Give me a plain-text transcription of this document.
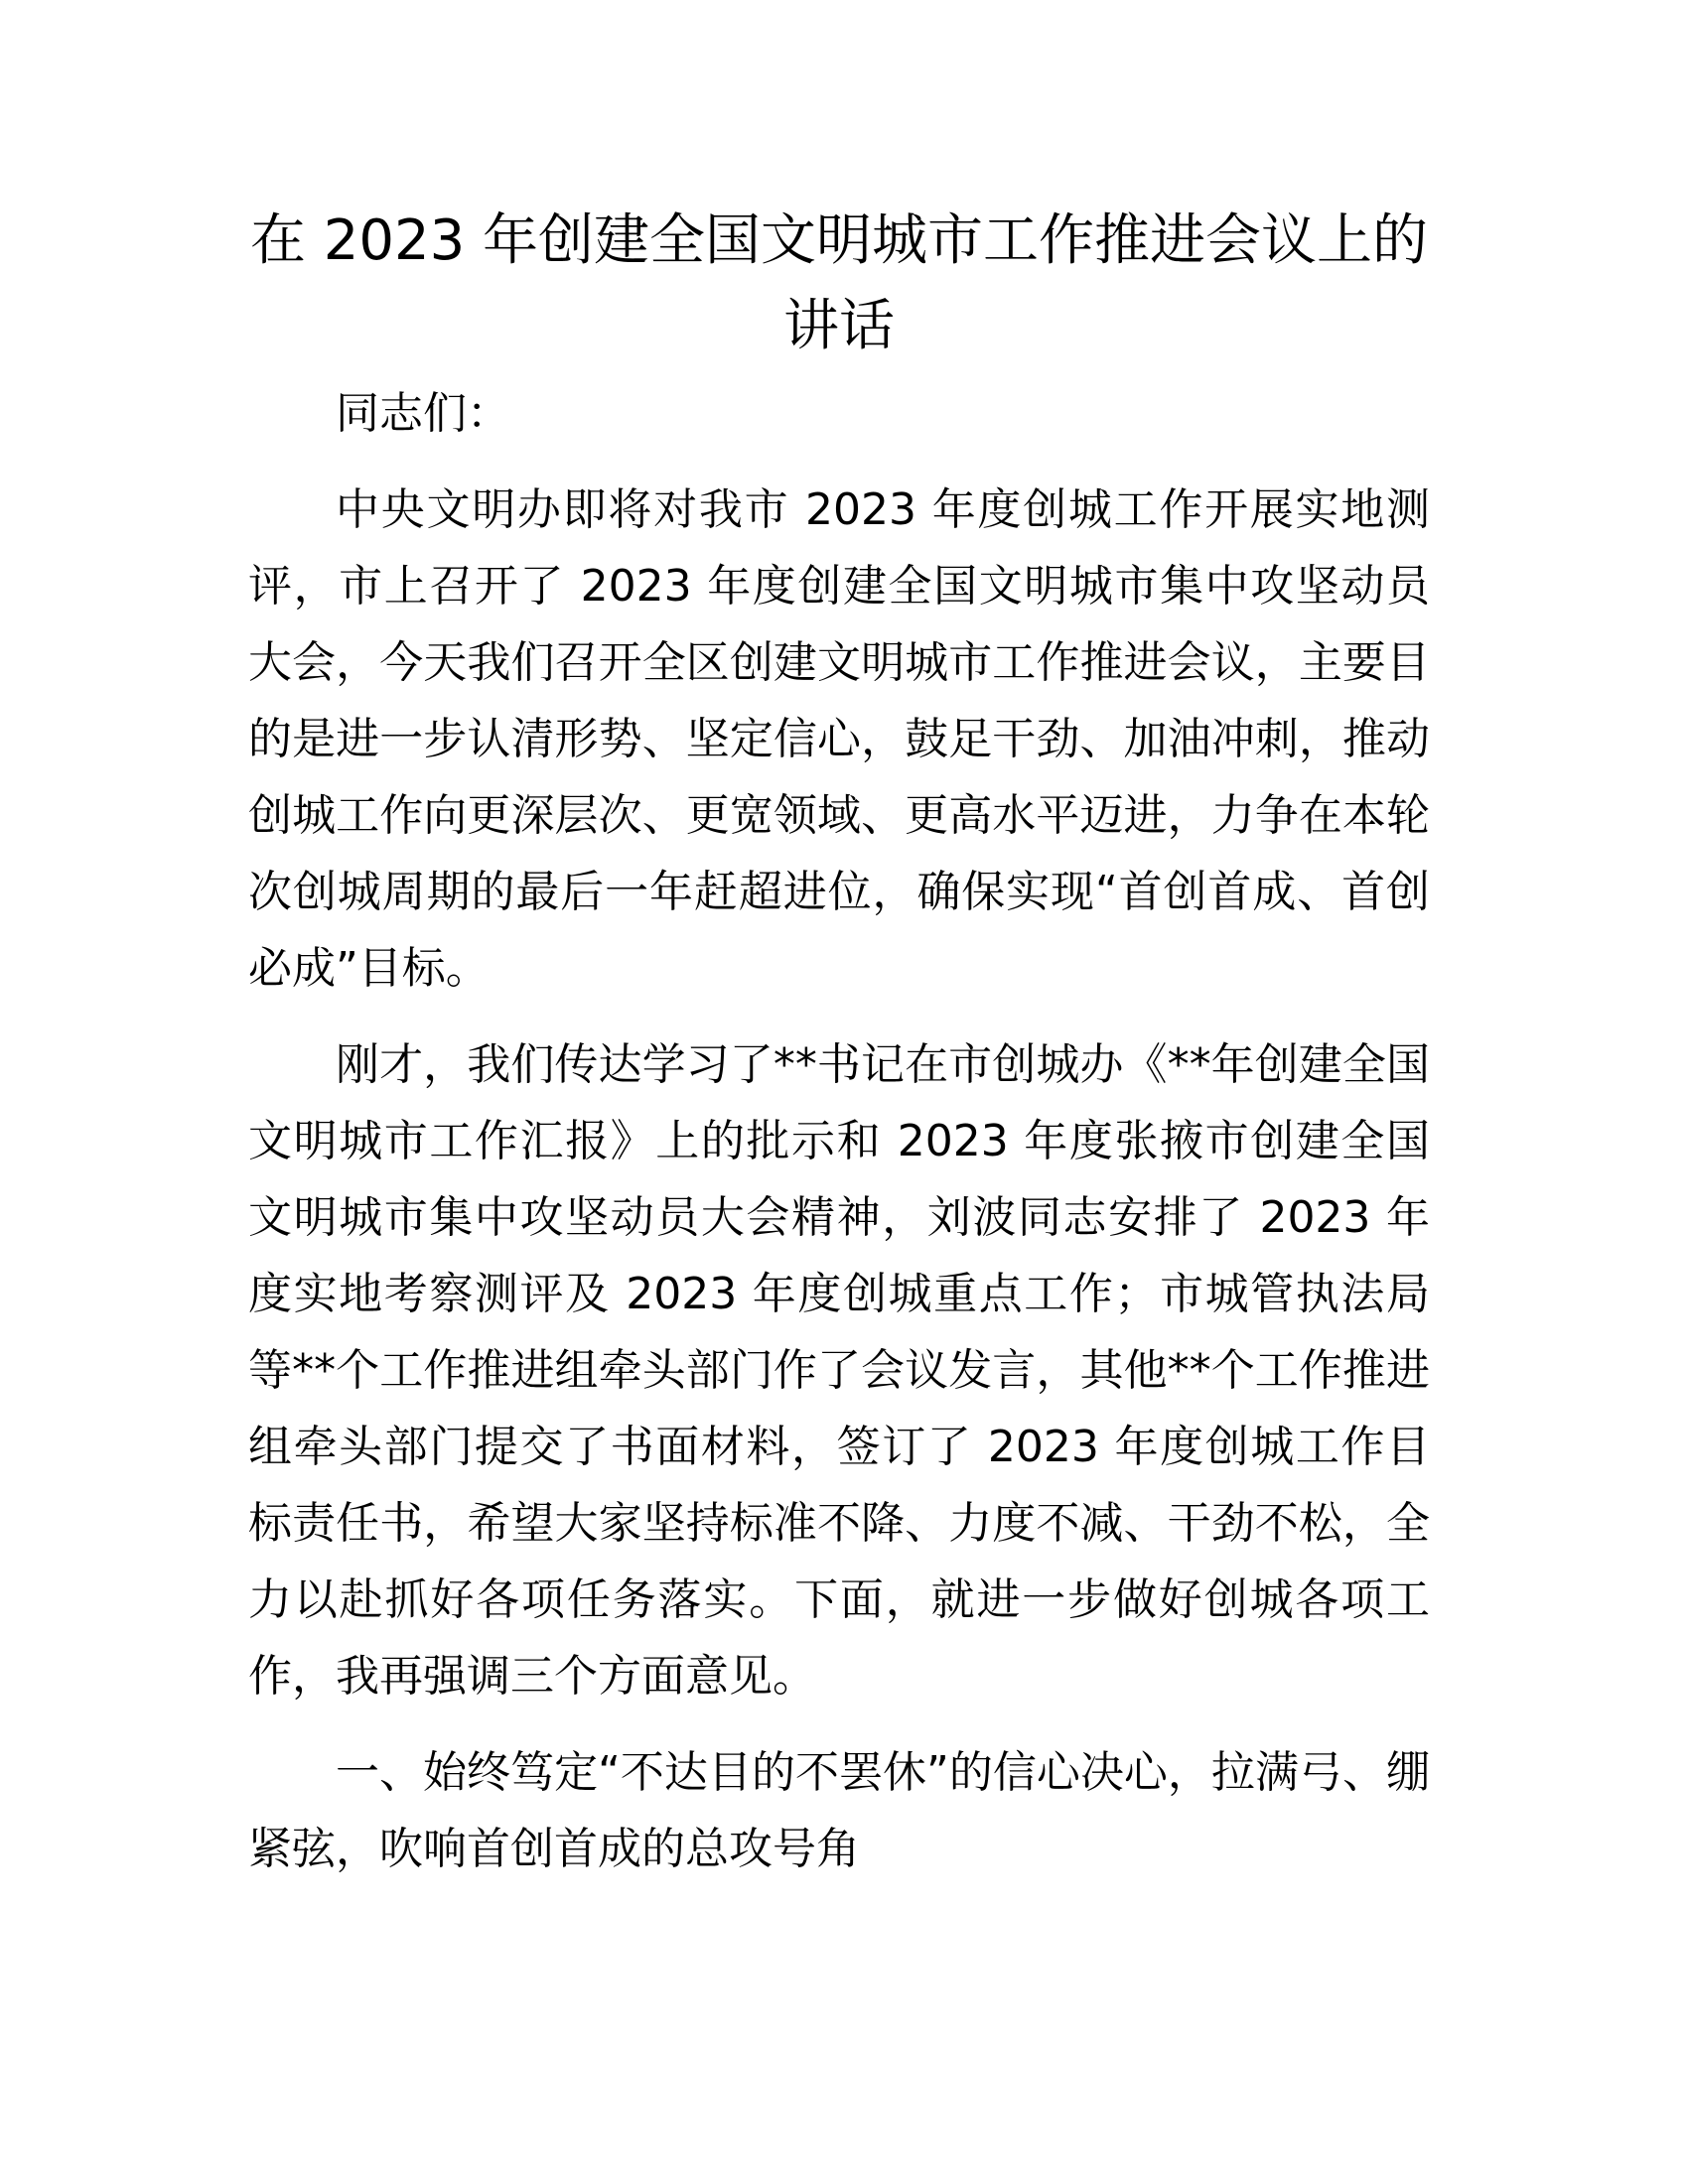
在 2023 年创建全国文明城市工作推进会议上的
讲话

同志们：

中央文明办即将对我市 2023 年度创城工作开展实地测评，市上召开了 2023 年度创建全国文明城市集中攻坚动员大会，今天我们召开全区创建文明城市工作推进会议，主要目的是进一步认清形势、坚定信心，鼓足干劲、加油冲刺，推动创城工作向更深层次、更宽领域、更高水平迈进，力争在本轮次创城周期的最后一年赶超进位，确保实现“首创首成、首创必成”目标。

刚才，我们传达学习了**书记在市创城办《**年创建全国文明城市工作汇报》上的批示和 2023 年度张掖市创建全国文明城市集中攻坚动员大会精神，刘波同志安排了 2023 年度实地考察测评及 2023 年度创城重点工作；市城管执法局等**个工作推进组牵头部门作了会议发言，其他**个工作推进组牵头部门提交了书面材料，签订了 2023 年度创城工作目标责任书，希望大家坚持标准不降、力度不减、干劲不松，全力以赴抓好各项任务落实。下面，就进一步做好创城各项工作，我再强调三个方面意见。

一、始终笃定“不达目的不罢休”的信心决心，拉满弓、绷紧弦，吹响首创首成的总攻号角
